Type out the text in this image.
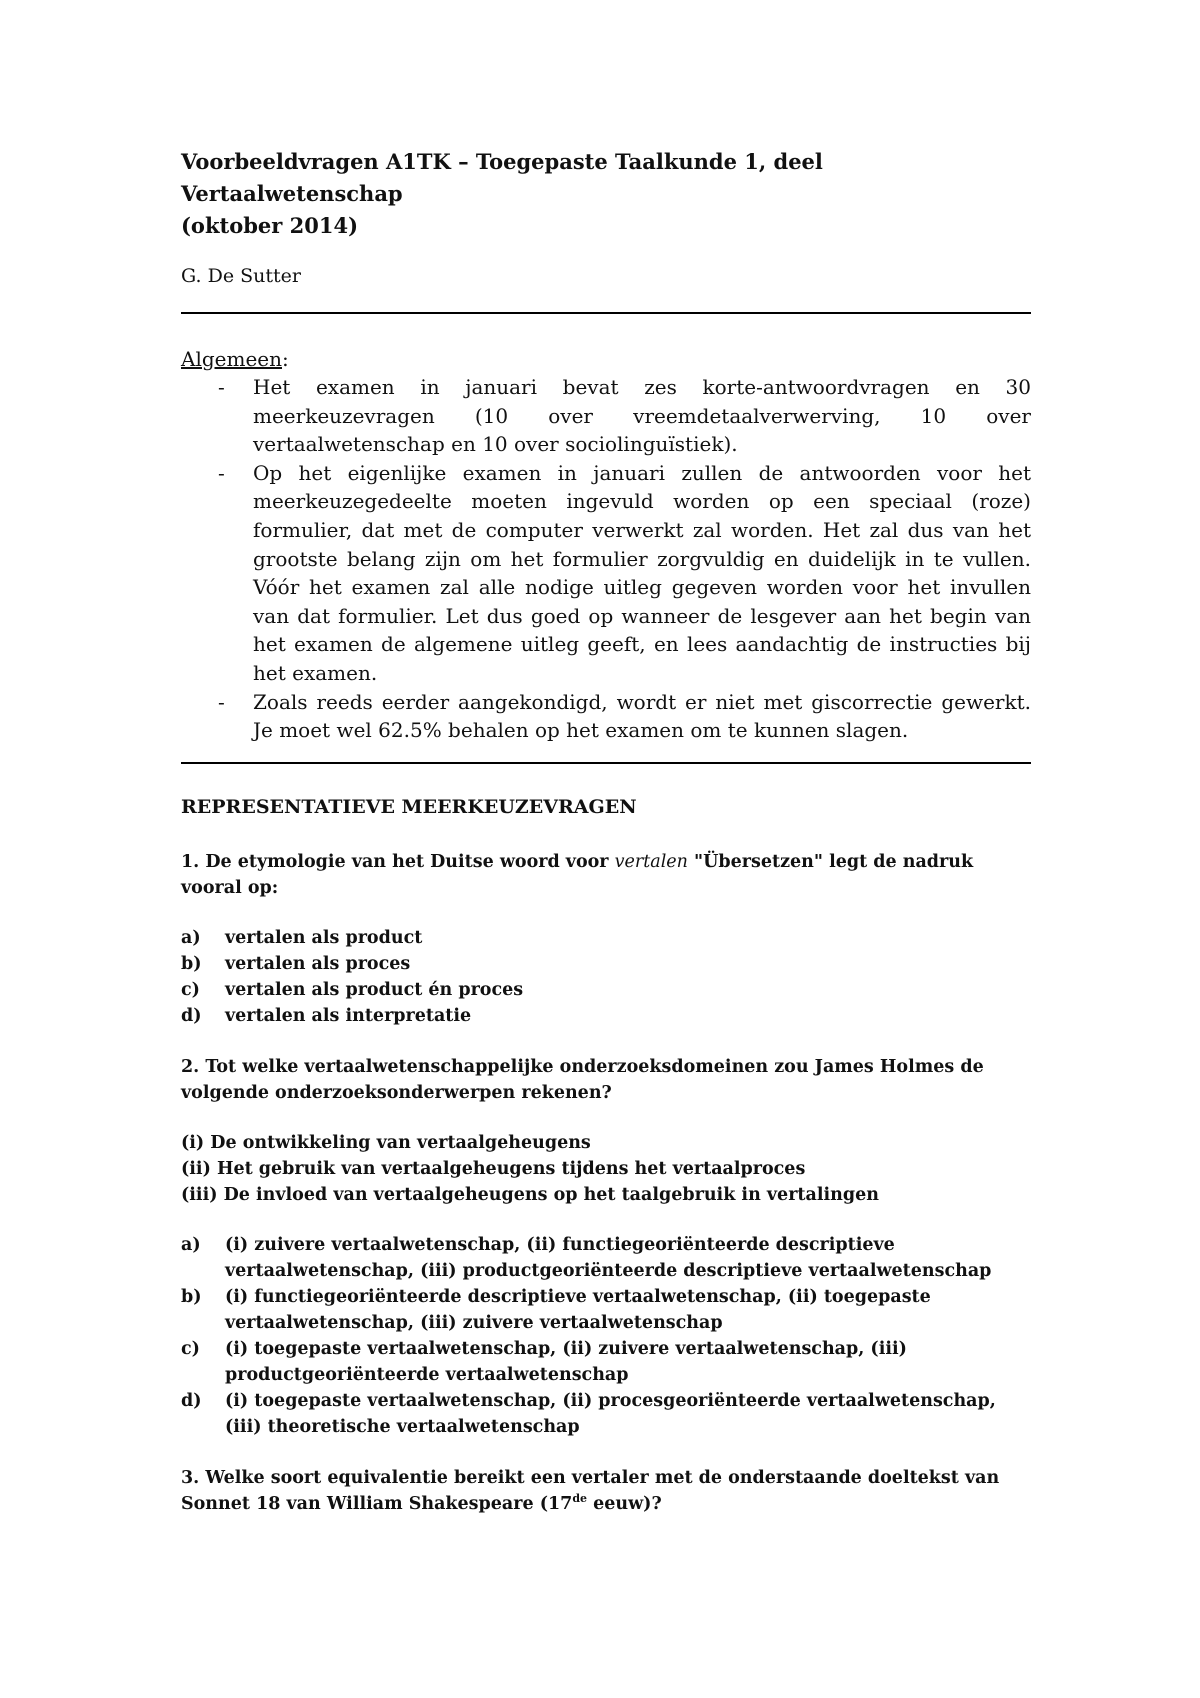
Voorbeeldvragen A1TK – Toegepaste Taalkunde 1, deel Vertaalwetenschap
(oktober 2014)

G. De Sutter
Algemeen:
- Het examen in januari bevat zes korte-antwoordvragen en 30 meerkeuzevragen (10 over vreemdetaalverwerving, 10 over vertaalwetenschap en 10 over sociolinguïstiek).
- Op het eigenlijke examen in januari zullen de antwoorden voor het meerkeuzegedeelte moeten ingevuld worden op een speciaal (roze) formulier, dat met de computer verwerkt zal worden. Het zal dus van het grootste belang zijn om het formulier zorgvuldig en duidelijk in te vullen. Vóór het examen zal alle nodige uitleg gegeven worden voor het invullen van dat formulier. Let dus goed op wanneer de lesgever aan het begin van het examen de algemene uitleg geeft, en lees aandachtig de instructies bij het examen.
- Zoals reeds eerder aangekondigd, wordt er niet met giscorrectie gewerkt. Je moet wel 62.5% behalen op het examen om te kunnen slagen.
REPRESENTATIEVE MEERKEUZEVRAGEN
1. De etymologie van het Duitse woord voor vertalen "Übersetzen" legt de nadruk vooral op:
a)	vertalen als product
b)	vertalen als proces
c)	vertalen als product én proces
d)	vertalen als interpretatie
2. Tot welke vertaalwetenschappelijke onderzoeksdomeinen zou James Holmes de volgende onderzoeksonderwerpen rekenen?
(i) De ontwikkeling van vertaalgeheugens
(ii) Het gebruik van vertaalgeheugens tijdens het vertaalproces
(iii) De invloed van vertaalgeheugens op het taalgebruik in vertalingen
a)	(i) zuivere vertaalwetenschap, (ii) functiegeoriënteerde descriptieve vertaalwetenschap, (iii) productgeoriënteerde descriptieve vertaalwetenschap
b)	(i) functiegeoriënteerde descriptieve vertaalwetenschap, (ii) toegepaste vertaalwetenschap, (iii) zuivere vertaalwetenschap
c)	(i) toegepaste vertaalwetenschap, (ii) zuivere vertaalwetenschap, (iii) productgeoriënteerde vertaalwetenschap
d)	(i) toegepaste vertaalwetenschap, (ii) procesgeoriënteerde vertaalwetenschap, (iii) theoretische vertaalwetenschap
3. Welke soort equivalentie bereikt een vertaler met de onderstaande doeltekst van Sonnet 18 van William Shakespeare (17de eeuw)?
